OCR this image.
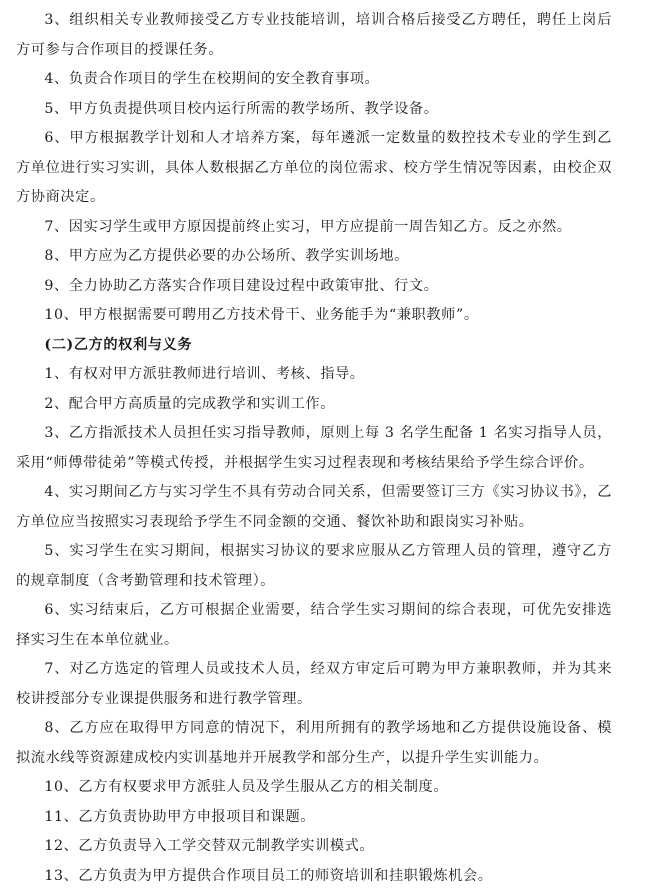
3、组织相关专业教师接受乙方专业技能培训，培训合格后接受乙方聘任，聘任上岗后方可参与合作项目的授课任务。

4、负责合作项目的学生在校期间的安全教育事项。

5、甲方负责提供项目校内运行所需的教学场所、教学设备。

6、甲方根据教学计划和人才培养方案，每年遴派一定数量的数控技术专业的学生到乙方单位进行实习实训，具体人数根据乙方单位的岗位需求、校方学生情况等因素，由校企双方协商决定。

7、因实习学生或甲方原因提前终止实习，甲方应提前一周告知乙方。反之亦然。

8、甲方应为乙方提供必要的办公场所、教学实训场地。

9、全力协助乙方落实合作项目建设过程中政策审批、行文。

10、甲方根据需要可聘用乙方技术骨干、业务能手为“兼职教师”。

(二)乙方的权利与义务

1、有权对甲方派驻教师进行培训、考核、指导。

2、配合甲方高质量的完成教学和实训工作。

3、乙方指派技术人员担任实习指导教师，原则上每 3 名学生配备 1 名实习指导人员，采用“师傅带徒弟”等模式传授，并根据学生实习过程表现和考核结果给予学生综合评价。

4、实习期间乙方与实习学生不具有劳动合同关系，但需要签订三方《实习协议书》，乙方单位应当按照实习表现给予学生不同金额的交通、餐饮补助和跟岗实习补贴。

5、实习学生在实习期间，根据实习协议的要求应服从乙方管理人员的管理，遵守乙方的规章制度（含考勤管理和技术管理）。

6、实习结束后，乙方可根据企业需要，结合学生实习期间的综合表现，可优先安排选择实习生在本单位就业。

7、对乙方选定的管理人员或技术人员，经双方审定后可聘为甲方兼职教师，并为其来校讲授部分专业课提供服务和进行教学管理。

8、乙方应在取得甲方同意的情况下，利用所拥有的教学场地和乙方提供设施设备、模拟流水线等资源建成校内实训基地并开展教学和部分生产，以提升学生实训能力。

10、乙方有权要求甲方派驻人员及学生服从乙方的相关制度。

11、乙方负责协助甲方申报项目和课题。

12、乙方负责导入工学交替双元制教学实训模式。

13、乙方负责为甲方提供合作项目员工的师资培训和挂职锻炼机会。
